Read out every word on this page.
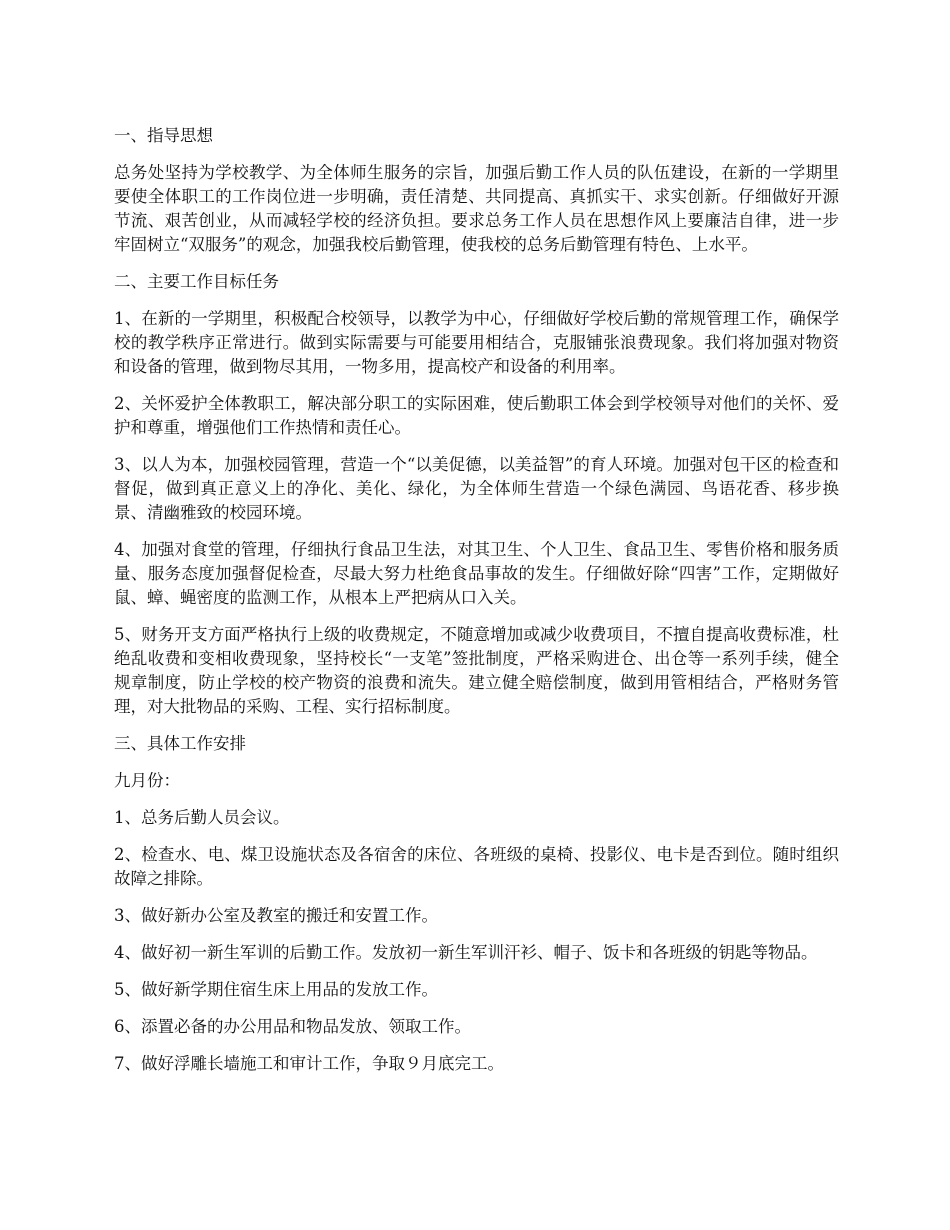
一、指导思想

总务处坚持为学校教学、为全体师生服务的宗旨，加强后勤工作人员的队伍建设，在新的一学期里要使全体职工的工作岗位进一步明确，责任清楚、共同提高、真抓实干、求实创新。仔细做好开源节流、艰苦创业，从而减轻学校的经济负担。要求总务工作人员在思想作风上要廉洁自律，进一步牢固树立“双服务”的观念，加强我校后勤管理，使我校的总务后勤管理有特色、上水平。

二、主要工作目标任务

1、在新的一学期里，积极配合校领导，以教学为中心，仔细做好学校后勤的常规管理工作，确保学校的教学秩序正常进行。做到实际需要与可能要用相结合，克服铺张浪费现象。我们将加强对物资和设备的管理，做到物尽其用，一物多用，提高校产和设备的利用率。

2、关怀爱护全体教职工，解决部分职工的实际困难，使后勤职工体会到学校领导对他们的关怀、爱护和尊重，增强他们工作热情和责任心。

3、以人为本，加强校园管理，营造一个“以美促德，以美益智”的育人环境。加强对包干区的检查和督促，做到真正意义上的净化、美化、绿化，为全体师生营造一个绿色满园、鸟语花香、移步换景、清幽雅致的校园环境。

4、加强对食堂的管理，仔细执行食品卫生法，对其卫生、个人卫生、食品卫生、零售价格和服务质量、服务态度加强督促检查，尽最大努力杜绝食品事故的发生。仔细做好除“四害”工作，定期做好鼠、蟑、蝇密度的监测工作，从根本上严把病从口入关。

5、财务开支方面严格执行上级的收费规定，不随意增加或减少收费项目，不擅自提高收费标准，杜绝乱收费和变相收费现象，坚持校长“一支笔”签批制度，严格采购进仓、出仓等一系列手续，健全规章制度，防止学校的校产物资的浪费和流失。建立健全赔偿制度，做到用管相结合，严格财务管理，对大批物品的采购、工程、实行招标制度。

三、具体工作安排

九月份：

1、总务后勤人员会议。

2、检查水、电、煤卫设施状态及各宿舍的床位、各班级的桌椅、投影仪、电卡是否到位。随时组织故障之排除。

3、做好新办公室及教室的搬迁和安置工作。

4、做好初一新生军训的后勤工作。发放初一新生军训汗衫、帽子、饭卡和各班级的钥匙等物品。

5、做好新学期住宿生床上用品的发放工作。

6、添置必备的办公用品和物品发放、领取工作。

7、做好浮雕长墙施工和审计工作，争取９月底完工。
